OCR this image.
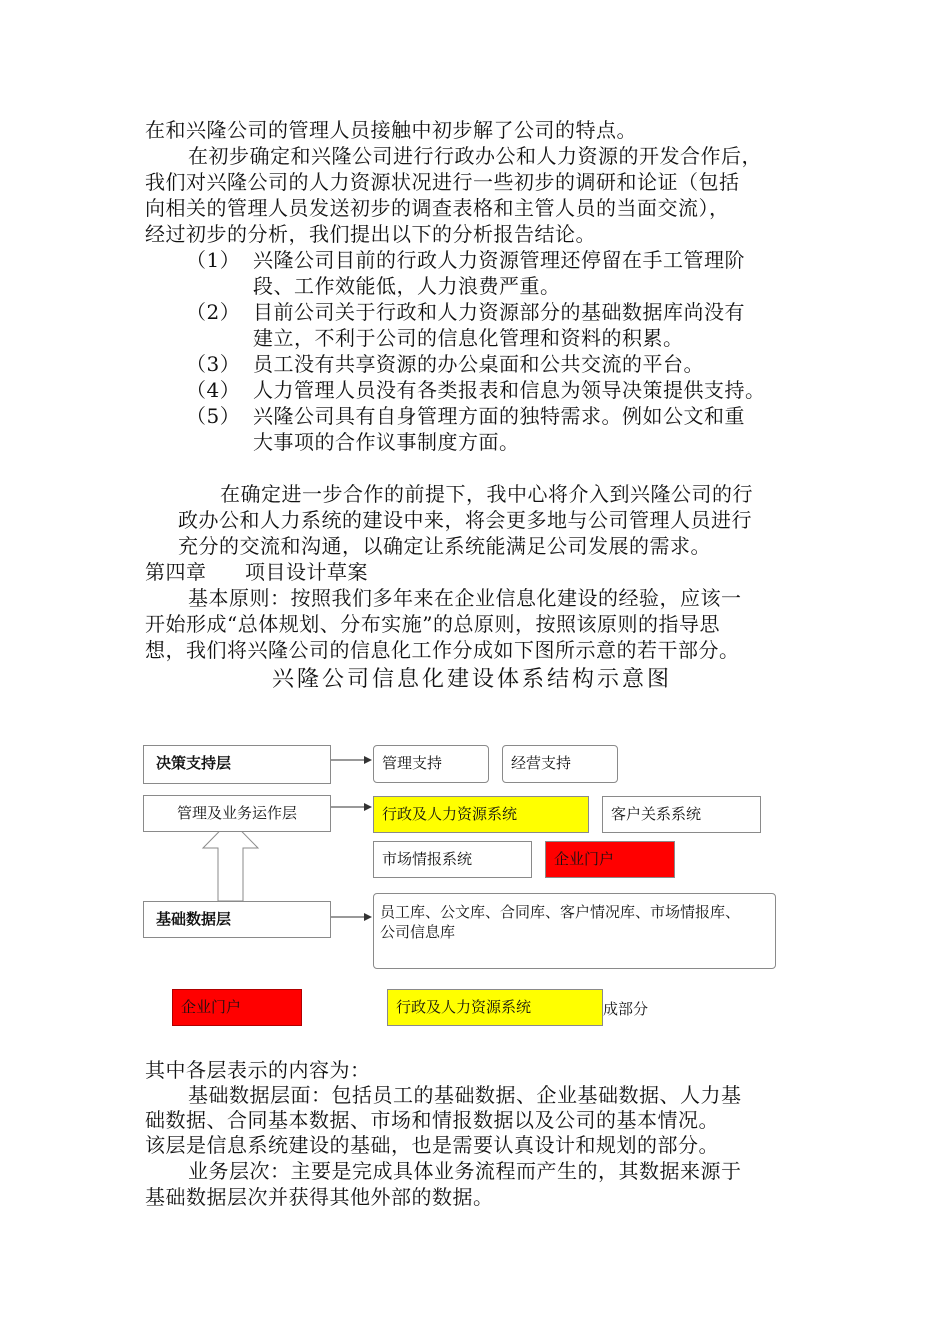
在和兴隆公司的管理人员接触中初步解了公司的特点。
在初步确定和兴隆公司进行行政办公和人力资源的开发合作后，
我们对兴隆公司的人力资源状况进行一些初步的调研和论证（包括
向相关的管理人员发送初步的调查表格和主管人员的当面交流），
经过初步的分析，我们提出以下的分析报告结论。
（1） 兴隆公司目前的行政人力资源管理还停留在手工管理阶
段、工作效能低，人力浪费严重。
（2） 目前公司关于行政和人力资源部分的基础数据库尚没有
建立，不利于公司的信息化管理和资料的积累。
（3） 员工没有共享资源的办公桌面和公共交流的平台。
（4） 人力管理人员没有各类报表和信息为领导决策提供支持。
（5） 兴隆公司具有自身管理方面的独特需求。例如公文和重
大事项的合作议事制度方面。
在确定进一步合作的前提下，我中心将介入到兴隆公司的行
政办公和人力系统的建设中来，将会更多地与公司管理人员进行
充分的交流和沟通，以确定让系统能满足公司发展的需求。
第四章 项目设计草案
基本原则：按照我们多年来在企业信息化建设的经验，应该一
开始形成“总体规划、分布实施”的总原则，按照该原则的指导思
想，我们将兴隆公司的信息化工作分成如下图所示意的若干部分。
兴隆公司信息化建设体系结构示意图
决策支持层	管理支持	经营支持
管理及业务运作层	行政及人力资源系统	客户关系系统
市场情报系统	企业门户
基础数据层	员工库、公文库、合同库、客户情况库、市场情报库、
公司信息库
企业门户	行政及人力资源系统	成部分
其中各层表示的内容为：
基础数据层面：包括员工的基础数据、企业基础数据、人力基
础数据、合同基本数据、市场和情报数据以及公司的基本情况。
该层是信息系统建设的基础，也是需要认真设计和规划的部分。
业务层次：主要是完成具体业务流程而产生的，其数据来源于
基础数据层次并获得其他外部的数据。
